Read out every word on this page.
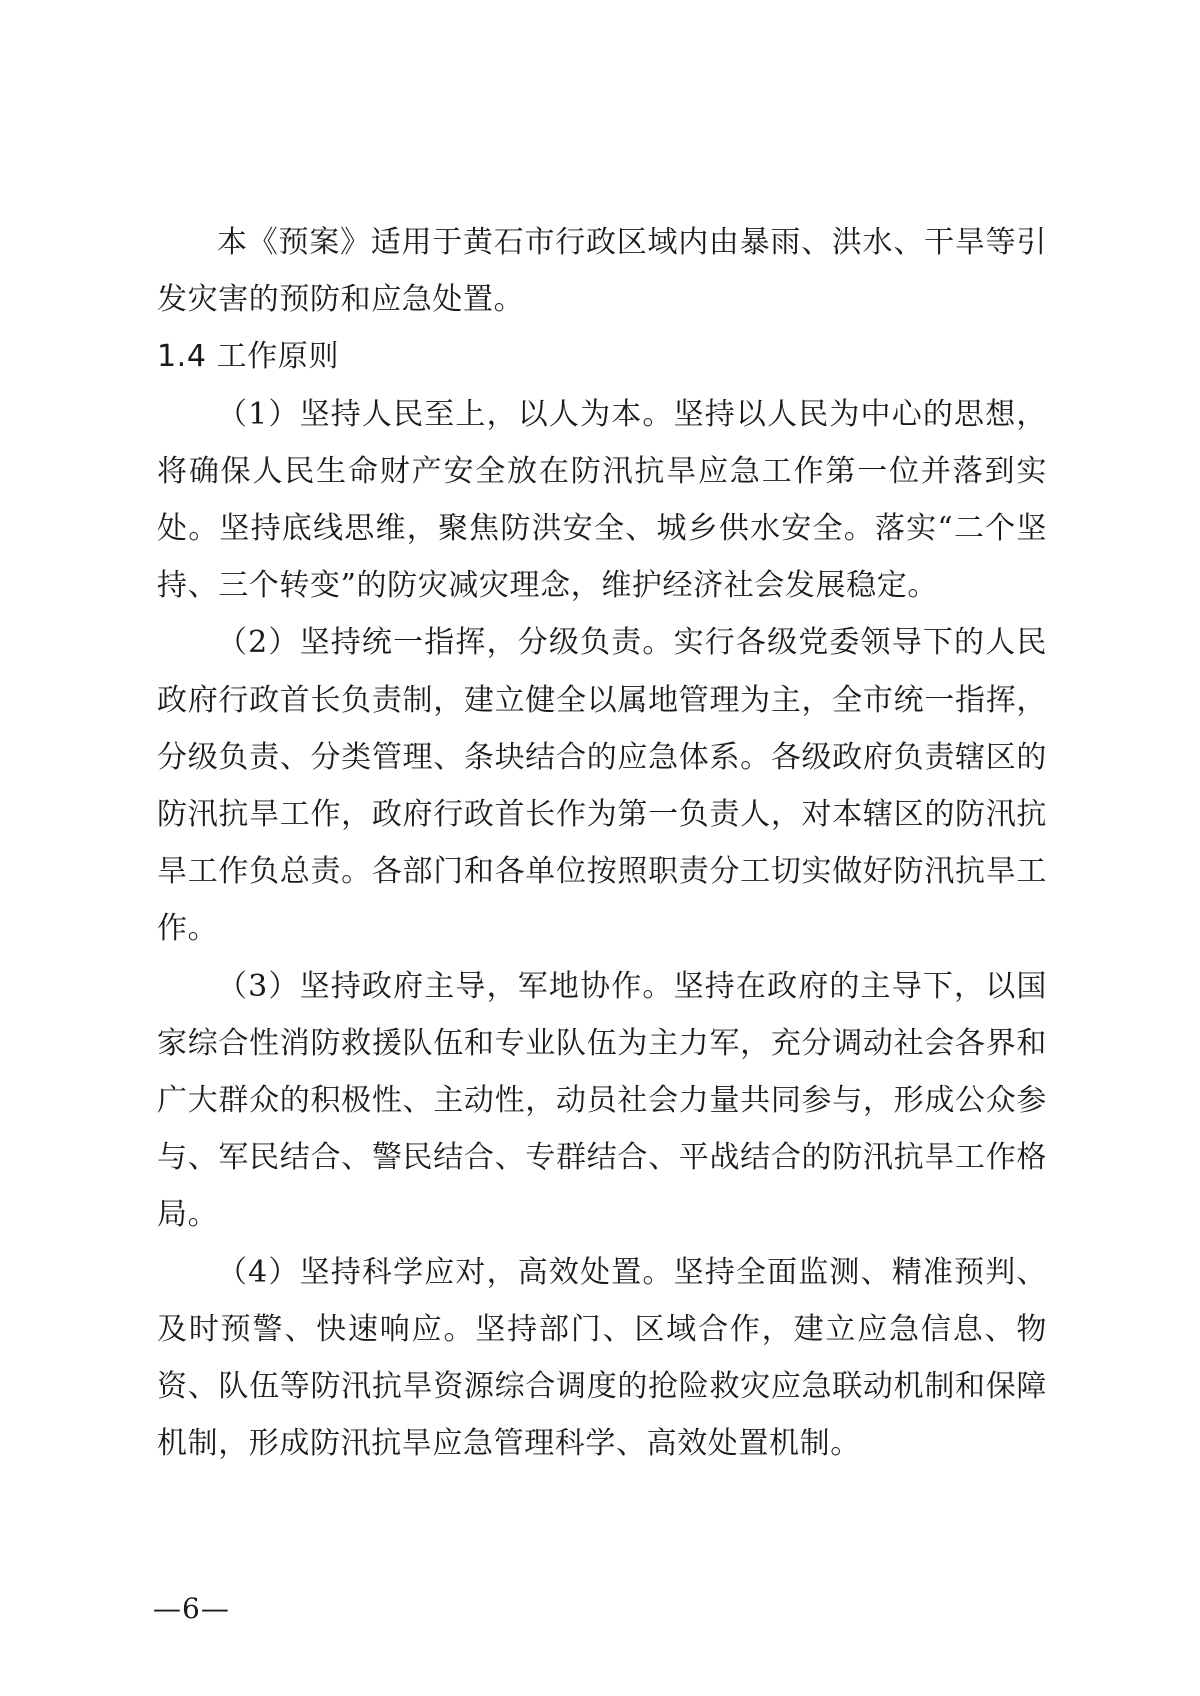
本《预案》适用于黄石市行政区域内由暴雨、洪水、干旱等引发灾害的预防和应急处置。

1.4 工作原则

（1）坚持人民至上，以人为本。坚持以人民为中心的思想，将确保人民生命财产安全放在防汛抗旱应急工作第一位并落到实处。坚持底线思维，聚焦防洪安全、城乡供水安全。落实“二个坚持、三个转变”的防灾减灾理念，维护经济社会发展稳定。

（2）坚持统一指挥，分级负责。实行各级党委领导下的人民政府行政首长负责制，建立健全以属地管理为主，全市统一指挥，分级负责、分类管理、条块结合的应急体系。各级政府负责辖区的防汛抗旱工作，政府行政首长作为第一负责人，对本辖区的防汛抗旱工作负总责。各部门和各单位按照职责分工切实做好防汛抗旱工作。

（3）坚持政府主导，军地协作。坚持在政府的主导下，以国家综合性消防救援队伍和专业队伍为主力军，充分调动社会各界和广大群众的积极性、主动性，动员社会力量共同参与，形成公众参与、军民结合、警民结合、专群结合、平战结合的防汛抗旱工作格局。

（4）坚持科学应对，高效处置。坚持全面监测、精准预判、及时预警、快速响应。坚持部门、区域合作，建立应急信息、物资、队伍等防汛抗旱资源综合调度的抢险救灾应急联动机制和保障机制，形成防汛抗旱应急管理科学、高效处置机制。

—6—
